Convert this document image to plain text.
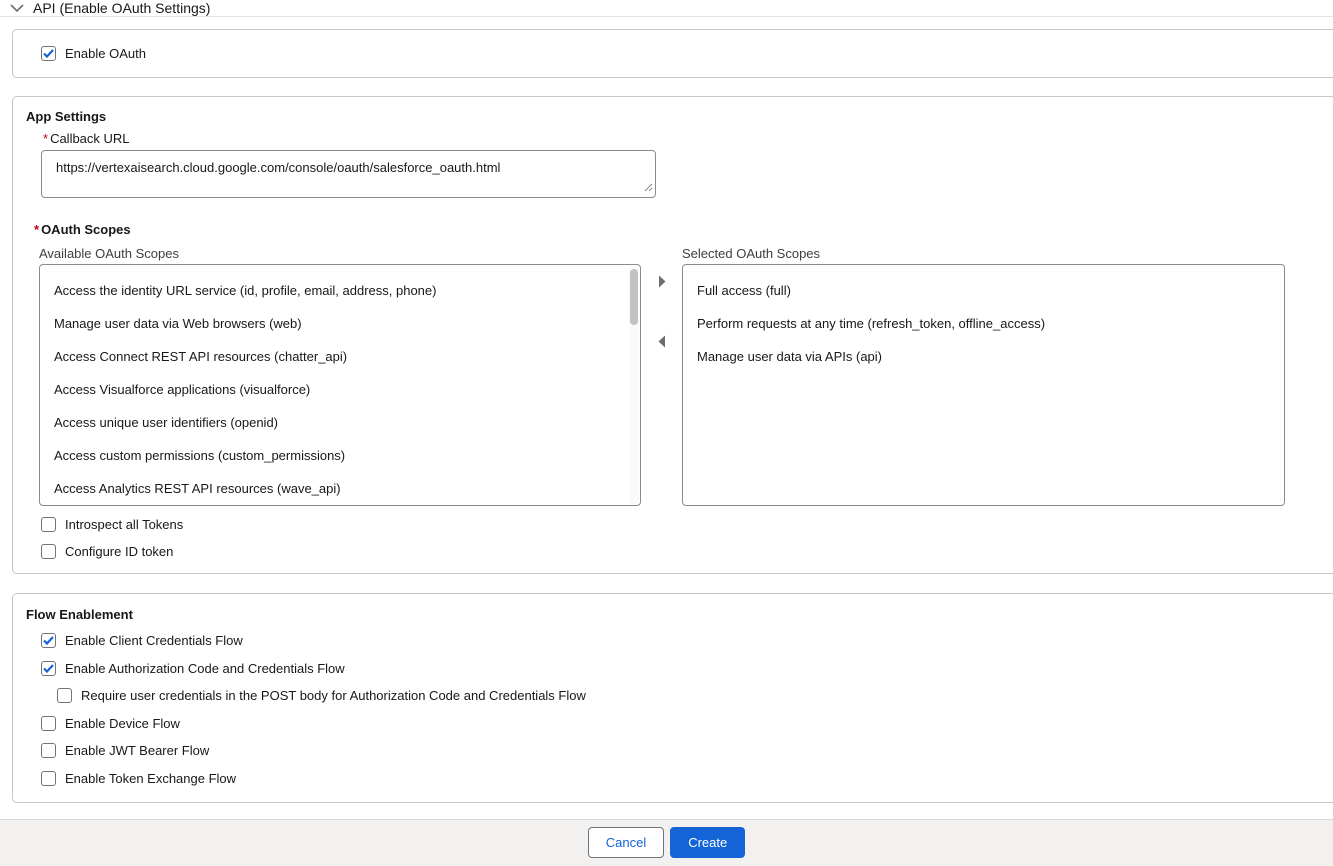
API (Enable OAuth Settings)
Enable OAuth
App Settings
* Callback URL
https://vertexaisearch.cloud.google.com/console/oauth/salesforce_oauth.html
* OAuth Scopes
Available OAuth Scopes	Selected OAuth Scopes
Access the identity URL service (id, profile, email, address, phone)
Manage user data via Web browsers (web)
Access Connect REST API resources (chatter_api)
Access Visualforce applications (visualforce)
Access unique user identifiers (openid)
Access custom permissions (custom_permissions)
Access Analytics REST API resources (wave_api)
Full access (full)
Perform requests at any time (refresh_token, offline_access)
Manage user data via APIs (api)
Introspect all Tokens
Configure ID token
Flow Enablement
Enable Client Credentials Flow
Enable Authorization Code and Credentials Flow
Require user credentials in the POST body for Authorization Code and Credentials Flow
Enable Device Flow
Enable JWT Bearer Flow
Enable Token Exchange Flow
Cancel	Create
